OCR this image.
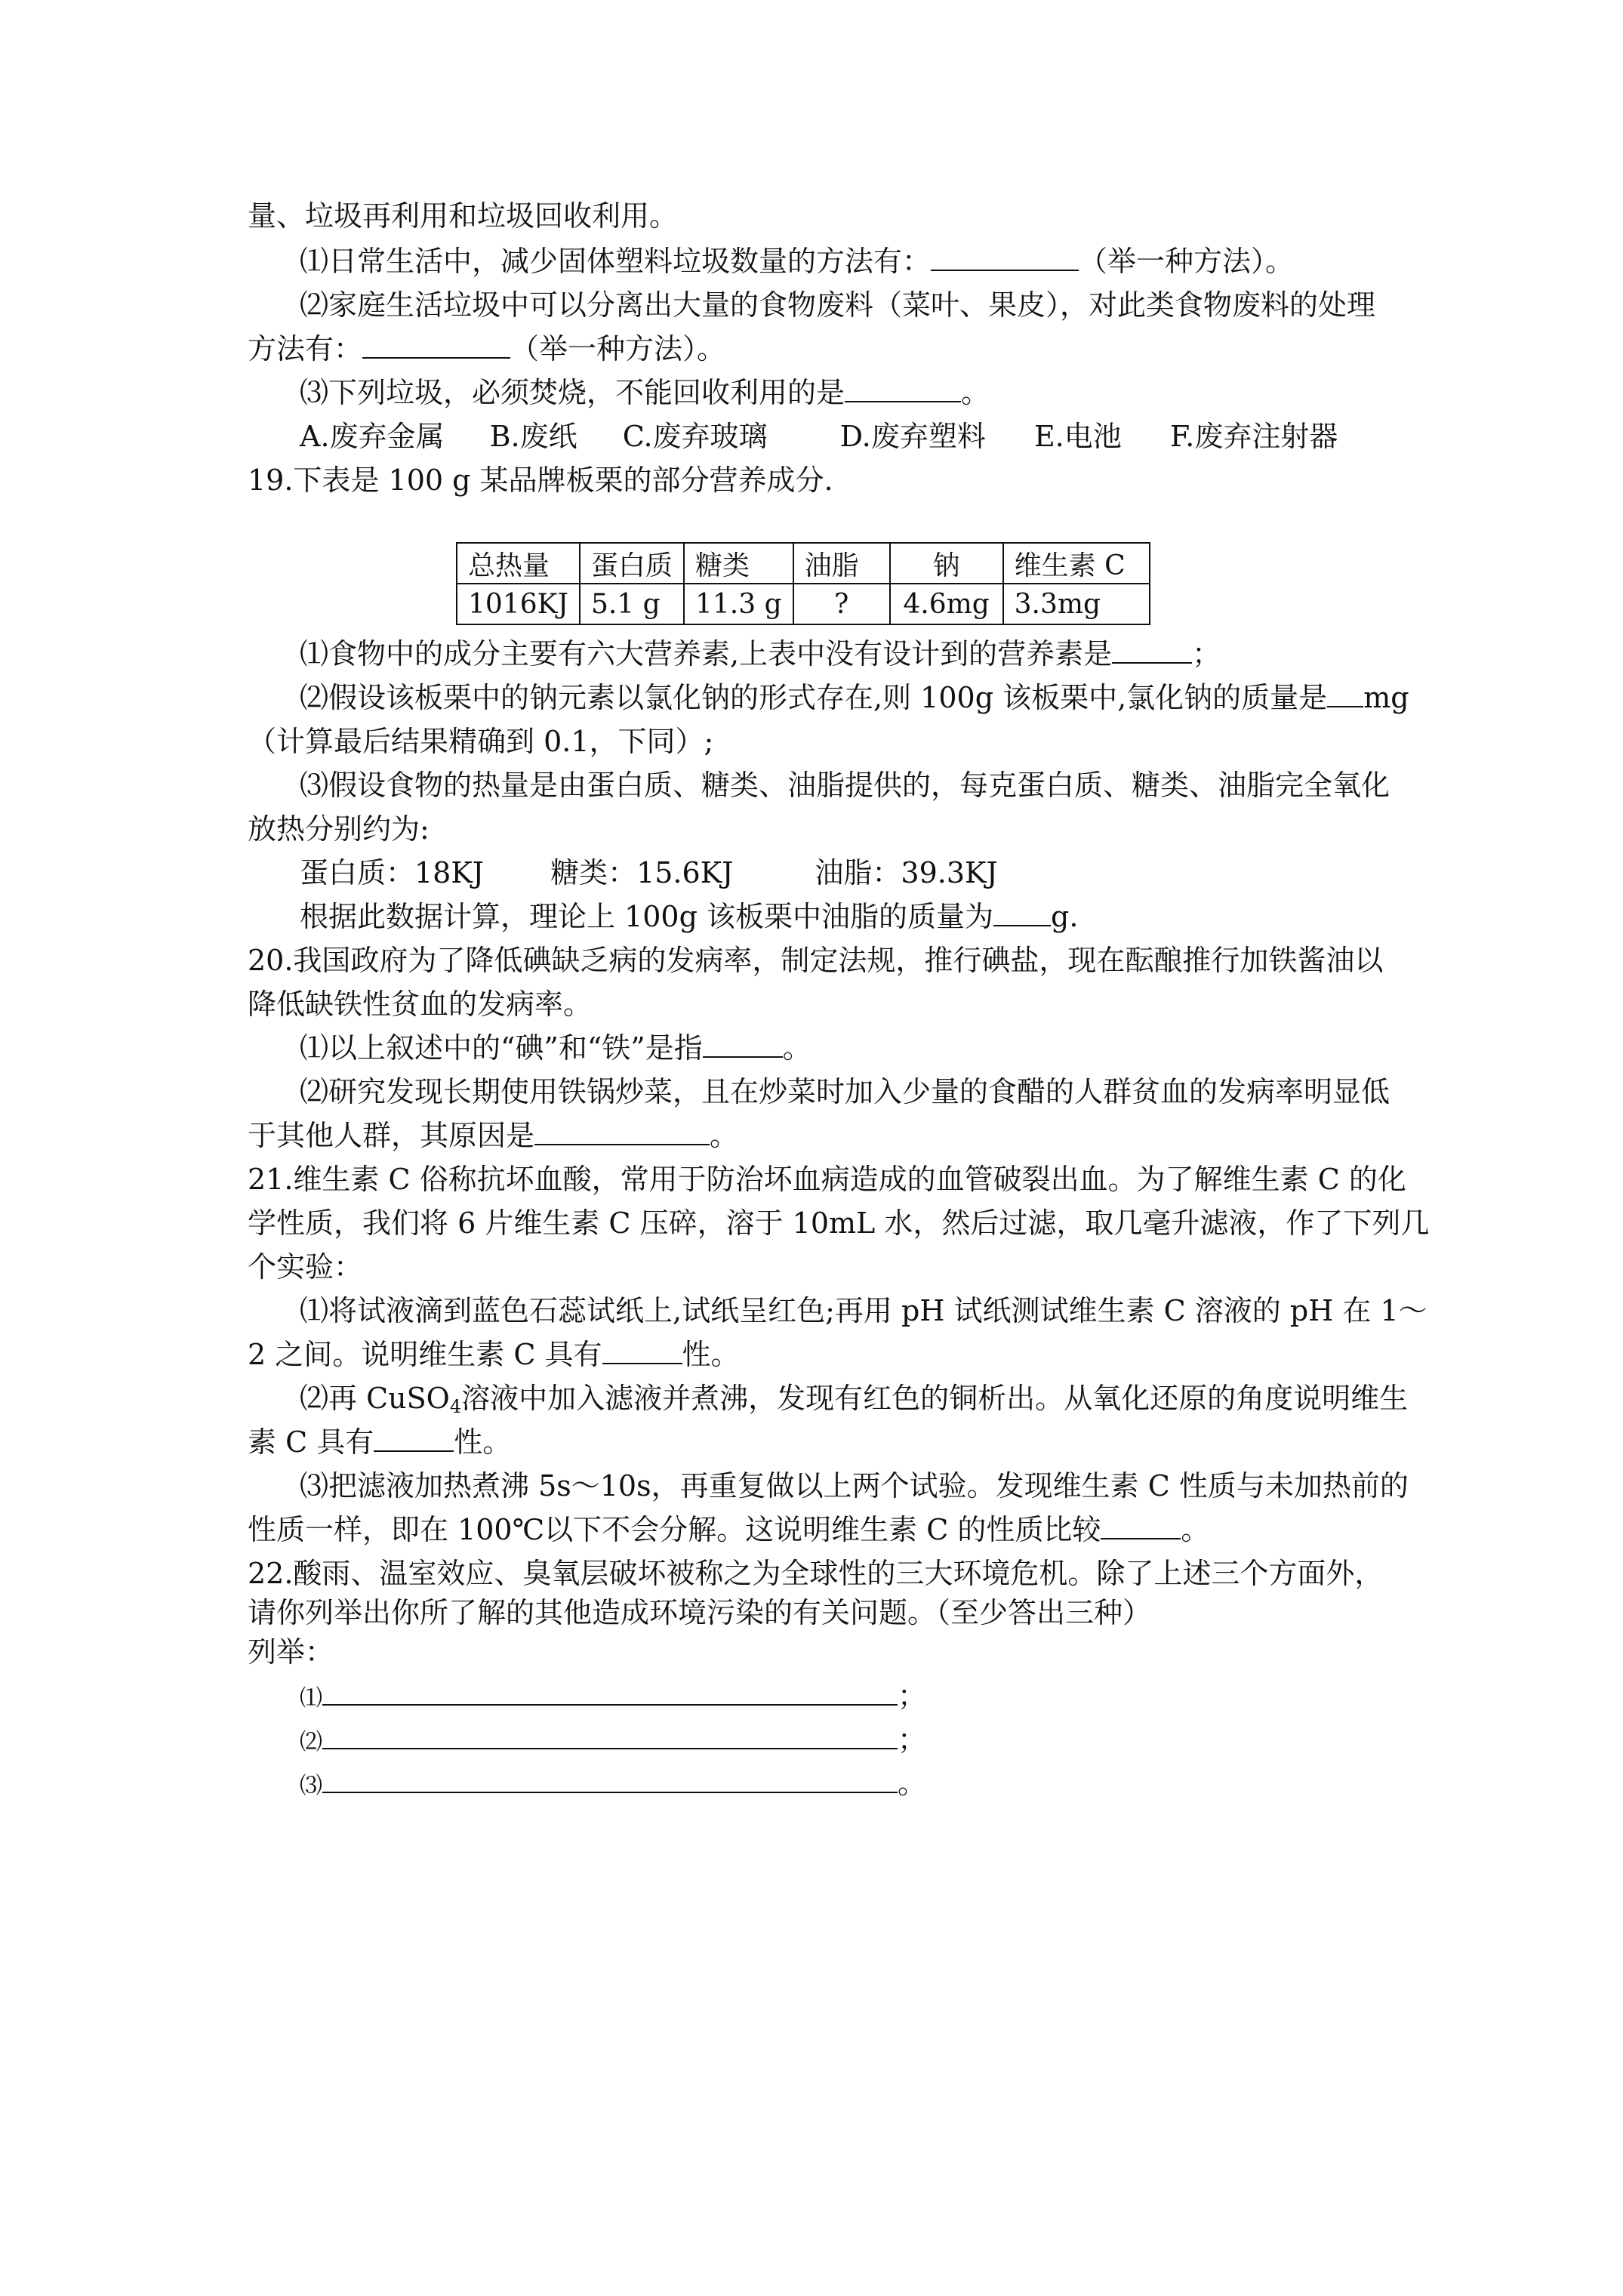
量、垃圾再利用和垃圾回收利用。
⑴日常生活中，减少固体塑料垃圾数量的方法有：	（举一种方法）。
⑵家庭生活垃圾中可以分离出大量的食物废料（菜叶、果皮），对此类食物废料的处理
方法有：	（举一种方法）。
⑶下列垃圾，必须焚烧，不能回收利用的是	。
A.废弃金属 B.废纸 C.废弃玻璃	D.废弃塑料 E.电池 F.废弃注射器
19.下表是 100 g 某品牌板栗的部分营养成分.
总热量	蛋白质	糖类	油脂	钠	维生素 C
1016KJ	5.1 g	11.3 g	?	4.6mg	3.3mg
⑴食物中的成分主要有六大营养素,上表中没有设计到的营养素是	；
⑵假设该板栗中的钠元素以氯化钠的形式存在,则 100g 该板栗中,氯化钠的质量是 mg
（计算最后结果精确到 0.1，下同）;
⑶假设食物的热量是由蛋白质、糖类、油脂提供的，每克蛋白质、糖类、油脂完全氧化
放热分别约为:
蛋白质：18KJ 糖类：15.6KJ	油脂：39.3KJ
根据此数据计算，理论上 100g 该板栗中油脂的质量为 g.
20.我国政府为了降低碘缺乏病的发病率，制定法规，推行碘盐，现在酝酿推行加铁酱油以
降低缺铁性贫血的发病率。
⑴以上叙述中的“碘”和“铁”是指	。
⑵研究发现长期使用铁锅炒菜，且在炒菜时加入少量的食醋的人群贫血的发病率明显低
于其他人群，其原因是	。
21.维生素 C 俗称抗坏血酸，常用于防治坏血病造成的血管破裂出血。为了解维生素 C 的化
学性质，我们将 6 片维生素 C 压碎，溶于 10mL 水，然后过滤，取几毫升滤液，作了下列几
个实验：
⑴将试液滴到蓝色石蕊试纸上,试纸呈红色;再用 pH 试纸测试维生素 C 溶液的 pH 在 1～
2 之间。说明维生素 C 具有	性。
⑵再 CuSO$_4$溶液中加入滤液并煮沸，发现有红色的铜析出。从氧化还原的角度说明维生
素 C 具有	性。
⑶把滤液加热煮沸 5s～10s，再重复做以上两个试验。发现维生素 C 性质与未加热前的
性质一样，即在 100℃以下不会分解。这说明维生素 C 的性质比较	。
22.酸雨、温室效应、臭氧层破坏被称之为全球性的三大环境危机。除了上述三个方面外，
请你列举出你所了解的其他造成环境污染的有关问题。（至少答出三种）
列举：
⑴	；
⑵	；
⑶	。
